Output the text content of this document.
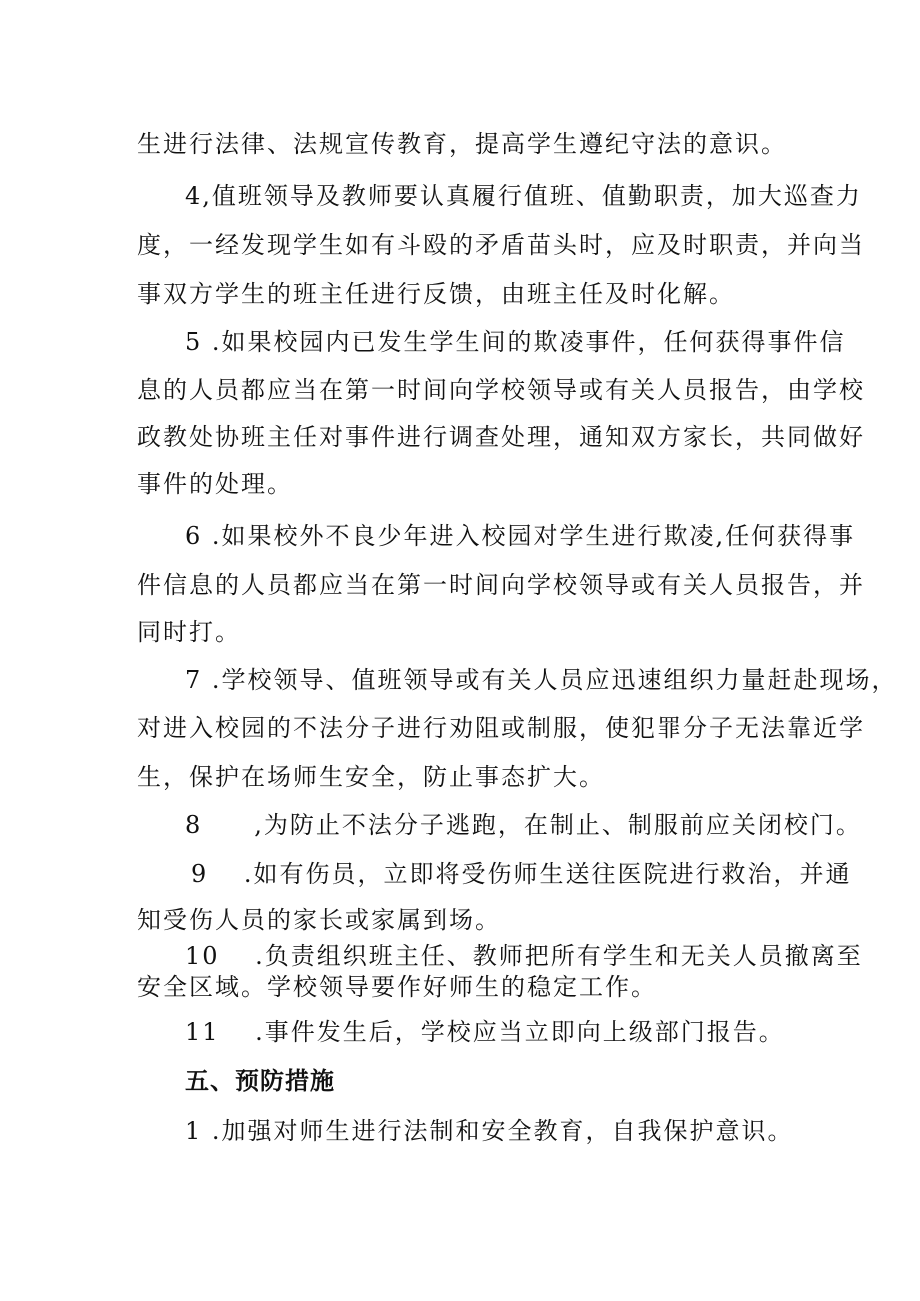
生进行法律、法规宣传教育，提高学生遵纪守法的意识。
4,值班领导及教师要认真履行值班、值勤职责，加大巡查力
度，一经发现学生如有斗殴的矛盾苗头时，应及时职责，并向当
事双方学生的班主任进行反馈，由班主任及时化解。
5 .如果校园内已发生学生间的欺凌事件，任何获得事件信
息的人员都应当在第一时间向学校领导或有关人员报告，由学校
政教处协班主任对事件进行调查处理，通知双方家长，共同做好
事件的处理。
6 .如果校外不良少年进入校园对学生进行欺凌,任何获得事
件信息的人员都应当在第一时间向学校领导或有关人员报告，并
同时打。
7 .学校领导、值班领导或有关人员应迅速组织力量赶赴现场，
对进入校园的不法分子进行劝阻或制服，使犯罪分子无法靠近学
生，保护在场师生安全，防止事态扩大。
8　　,为防止不法分子逃跑，在制止、制服前应关闭校门。
9　 .如有伤员，立即将受伤师生送往医院进行救治，并通
知受伤人员的家长或家属到场。
10　 .负责组织班主任、教师把所有学生和无关人员撤离至
安全区域。学校领导要作好师生的稳定工作。
11　 .事件发生后，学校应当立即向上级部门报告。
五、预防措施
1 .加强对师生进行法制和安全教育，自我保护意识。
